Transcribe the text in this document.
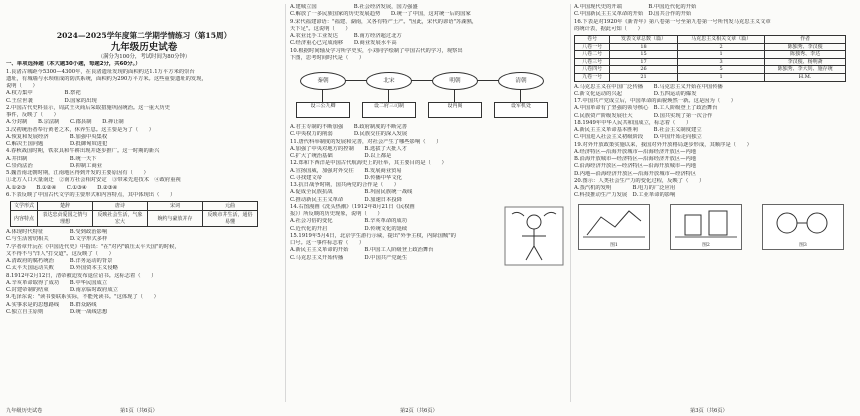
2024—2025学年度第二学期学情练习（第15周）
九年级历史试卷
（满分为100分，考试时间为80分钟）
一、单项选择题（本大题30小题，每题2分，共60分。）
1.良渚古城距今5300—4300年，在良渚遗址发现的面积约达1.1万平方米的崇台
遗址，有城墙与水坝组成的防洪系统，面积约为290万平方米。这些重要遗址的发现，
说明（　　）
A.权力集中　　　　　　B.祭祀
C.王位世袭　　　　　　D.国家的出现
2.中国古代史料显示，周武王灭商后采取措施巩固统治。这一重大历史
事件，反映了（　　）
A.分封制　　B.宗法制　　C.郡县制　　D.禅让制
3.汉初统治者奉行黄老之术，休养生息。这主要是为了（　　）
A.恢复和发展经济　　　　B.加强中央集权
C.解决王国问题　　　　　D.抵御匈奴进犯
4.春秋战国时期，铁农具和牛耕出现并逐步推广。这一时期的新兴
A.井田制　　　　　　　　B.统一天下
C.崇尚法治　　　　　　　D.抑制工商业
5.魏晋南北朝时期，江南地区得到开发的主要原因有（　　）
①北方人口大量南迁　②南方社会相对安定　③带来先进技术　④政府重视
A.①②③　　B.①②④　　C.①③④　　D.②③④
6.下表反映了中国古代文学的主要形式和内容特点，其中体现出（　　）
文学形式	楚辞	唐诗	宋词	元曲
内容特点	表达忠贞爱国之情与理想	反映社会生活，气象宏大	婉约与豪放并存	反映市井生活，通俗易懂
A.体现时代特征　　　　　B.受到政治影响
C.与生活密切相关　　　　D.文学形式多样
7.学者章开沅在《中国近代史》中指出："在"对内"镇压太平天国"的时候，
又不得不与"洋人"打交道"。这反映了（　　）
A.清政府的腐朽统治　　　B.洋务运动的背景
C.太平天国运动失败　　　D.外国资本主义侵略
8.1912年2月12日，清帝被迫发布退位诏书。这标志着（　　）
A.辛亥革命取得了成功　　B.中华民国成立
C.封建帝制的结束　　　　D.南京临时政府成立
9.毛泽东说："读书要联系实际，不能死读书。"这体现了（　　）
A.实事求是的思想路线　　B.群众路线
C.独立自主原则　　　　　D.统一战线思想
A.建城立国　　　　　　　B.社会经济发展，国力强盛
C.解放了一多民族国家的历史发展趋势　　D.统一了中国，这对统一后的国家
9.宋代福建谚语："福建、湖南，又各有特产土产。"因此，宋代的谚语"苏湖熟，
天下足"。这说明（　　）
A.农业比手工业发达　　　B.南方经济超过北方
C.经济重心已完成南移　　D.商业发展水平高
10.根据时间轴及学习所学史实，小刘同学绘制了中国古代的学习，观察出
下图，思考时间时代是（　　）
秦朝	北宋	明朝	清朝
设三公九卿	设二府三司制	设内阁	设军机处
A.君主专制的不断加强　　B.政府制度的不断完善
C.中央权力的削弱　　　　D.民族交往的深入发展
11.唐代科举制度的发展和完善，对社会产生了哪些影响（　　）
A.加强了中央对地方的控制　　B.选拔了大批人才
C.扩大了统治基础　　　　　　D.以上都是
12.郑和下西洋是中国古代航海史上的壮举，其主要目的是（　　）
A.宣扬国威，加强对外交往　　B.发展商业贸易
C.寻找建文帝　　　　　　　　D.传播中华文化
13.抗日战争时期，国共两党的合作是（　　）
A.促成全民族抗战　　　　　　B.巩固民族统一战线
C.推动新民主主义革命　　　　D.加速日本投降
14.右图漫画《洗头热潮》（1912年8月21日《民权画
报》）所反映的历史现象，说明（　　）
A.社会习俗的变化　　　　　　B.辛亥革命的成功
C.近代化的开启　　　　　　　D.传统文化的延续
15.1919年5月4日，北京学生游行示威，提出"外争主权，内除国贼"的
口号。这一事件标志着（　　）
A.新民主主义革命的开始　　　B.中国工人阶级登上政治舞台
C.马克思主义开始传播　　　　D.中国共产党诞生
A.中国现代史的开端　　　　　B.中国近代化的开始
C.中国新民主主义革命的开始　D.国共合作的开始
16.下表是对1920年《新青年》第八卷第一号至第九卷第一号所刊发马克思主义文章
的统计表，据此可知（　　）
卷号	发表文章总数（篇）	马克思主义相关文章（篇）	作者
八卷一号	18	2	陈独秀、李汉俊
八卷二号	15	1	陈独秀、李达
八卷三号	17	3	李汉俊、杨明斋
八卷四号	26	5	陈独秀、李大钊、施存统
九卷一号	21	1	H.M.
A.马克思主义在中国广泛传播　　B.马克思主义开始在中国传播
C.新文化运动的兴起　　　　　　D.五四运动的爆发
17.中国共产党成立后，中国革命的面貌焕然一新。这是因为（　　）
A.中国革命有了坚强的领导核心　B.工人阶级登上了政治舞台
C.民族资产阶级发展壮大　　　　D.国共实现了第一次合作
18.1949年中华人民共和国成立，标志着（　　）
A.新民主主义革命基本胜利　　　B.社会主义制度建立
C.中国进入社会主义初级阶段　　D.中国开始走向独立
19.对外开放政策实施以来，我国对外开放格局逐步形成，其顺序是（　　）
A.经济特区—沿海开放城市—沿海经济开放区—内地
B.沿海开放城市—经济特区—沿海经济开放区—内地
C.沿海经济开放区—经济特区—沿海开放城市—内地
D.内地—沿海经济开放区—沿海开放城市—经济特区
20.图示：人类社会生产力的变化过程，反映了（　　）
A.蒸汽机的发明　　　　B.电力的广泛应用
C.科技推动生产力发展　D.工业革命的影响
图1	图2	图3
九年级历史试卷	第1页（共6页）	第2页（共6页）	第3页（共6页）
